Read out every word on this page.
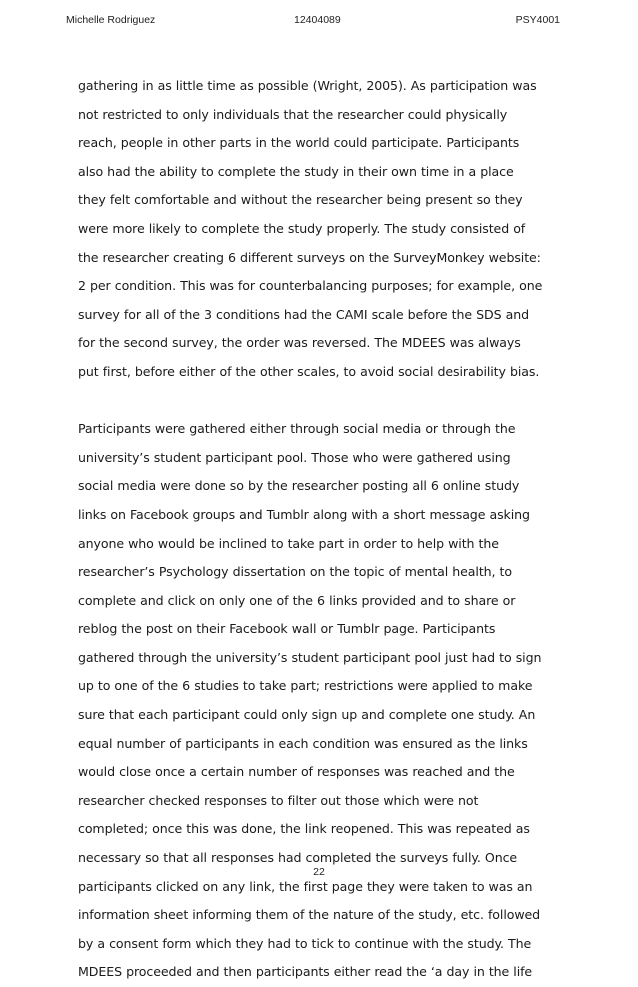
Michelle Rodriguez	12404089	PSY4001
gathering in as little time as possible (Wright, 2005). As participation was
not restricted to only individuals that the researcher could physically
reach, people in other parts in the world could participate. Participants
also had the ability to complete the study in their own time in a place
they felt comfortable and without the researcher being present so they
were more likely to complete the study properly. The study consisted of
the researcher creating 6 different surveys on the SurveyMonkey website:
2 per condition. This was for counterbalancing purposes; for example, one
survey for all of the 3 conditions had the CAMI scale before the SDS and
for the second survey, the order was reversed. The MDEES was always
put first, before either of the other scales, to avoid social desirability bias.
Participants were gathered either through social media or through the
university’s student participant pool. Those who were gathered using
social media were done so by the researcher posting all 6 online study
links on Facebook groups and Tumblr along with a short message asking
anyone who would be inclined to take part in order to help with the
researcher’s Psychology dissertation on the topic of mental health, to
complete and click on only one of the 6 links provided and to share or
reblog the post on their Facebook wall or Tumblr page. Participants
gathered through the university’s student participant pool just had to sign
up to one of the 6 studies to take part; restrictions were applied to make
sure that each participant could only sign up and complete one study. An
equal number of participants in each condition was ensured as the links
would close once a certain number of responses was reached and the
researcher checked responses to filter out those which were not
completed; once this was done, the link reopened. This was repeated as
necessary so that all responses had completed the surveys fully. Once
participants clicked on any link, the first page they were taken to was an
information sheet informing them of the nature of the study, etc. followed
by a consent form which they had to tick to continue with the study. The
MDEES proceeded and then participants either read the ‘a day in the life
22
